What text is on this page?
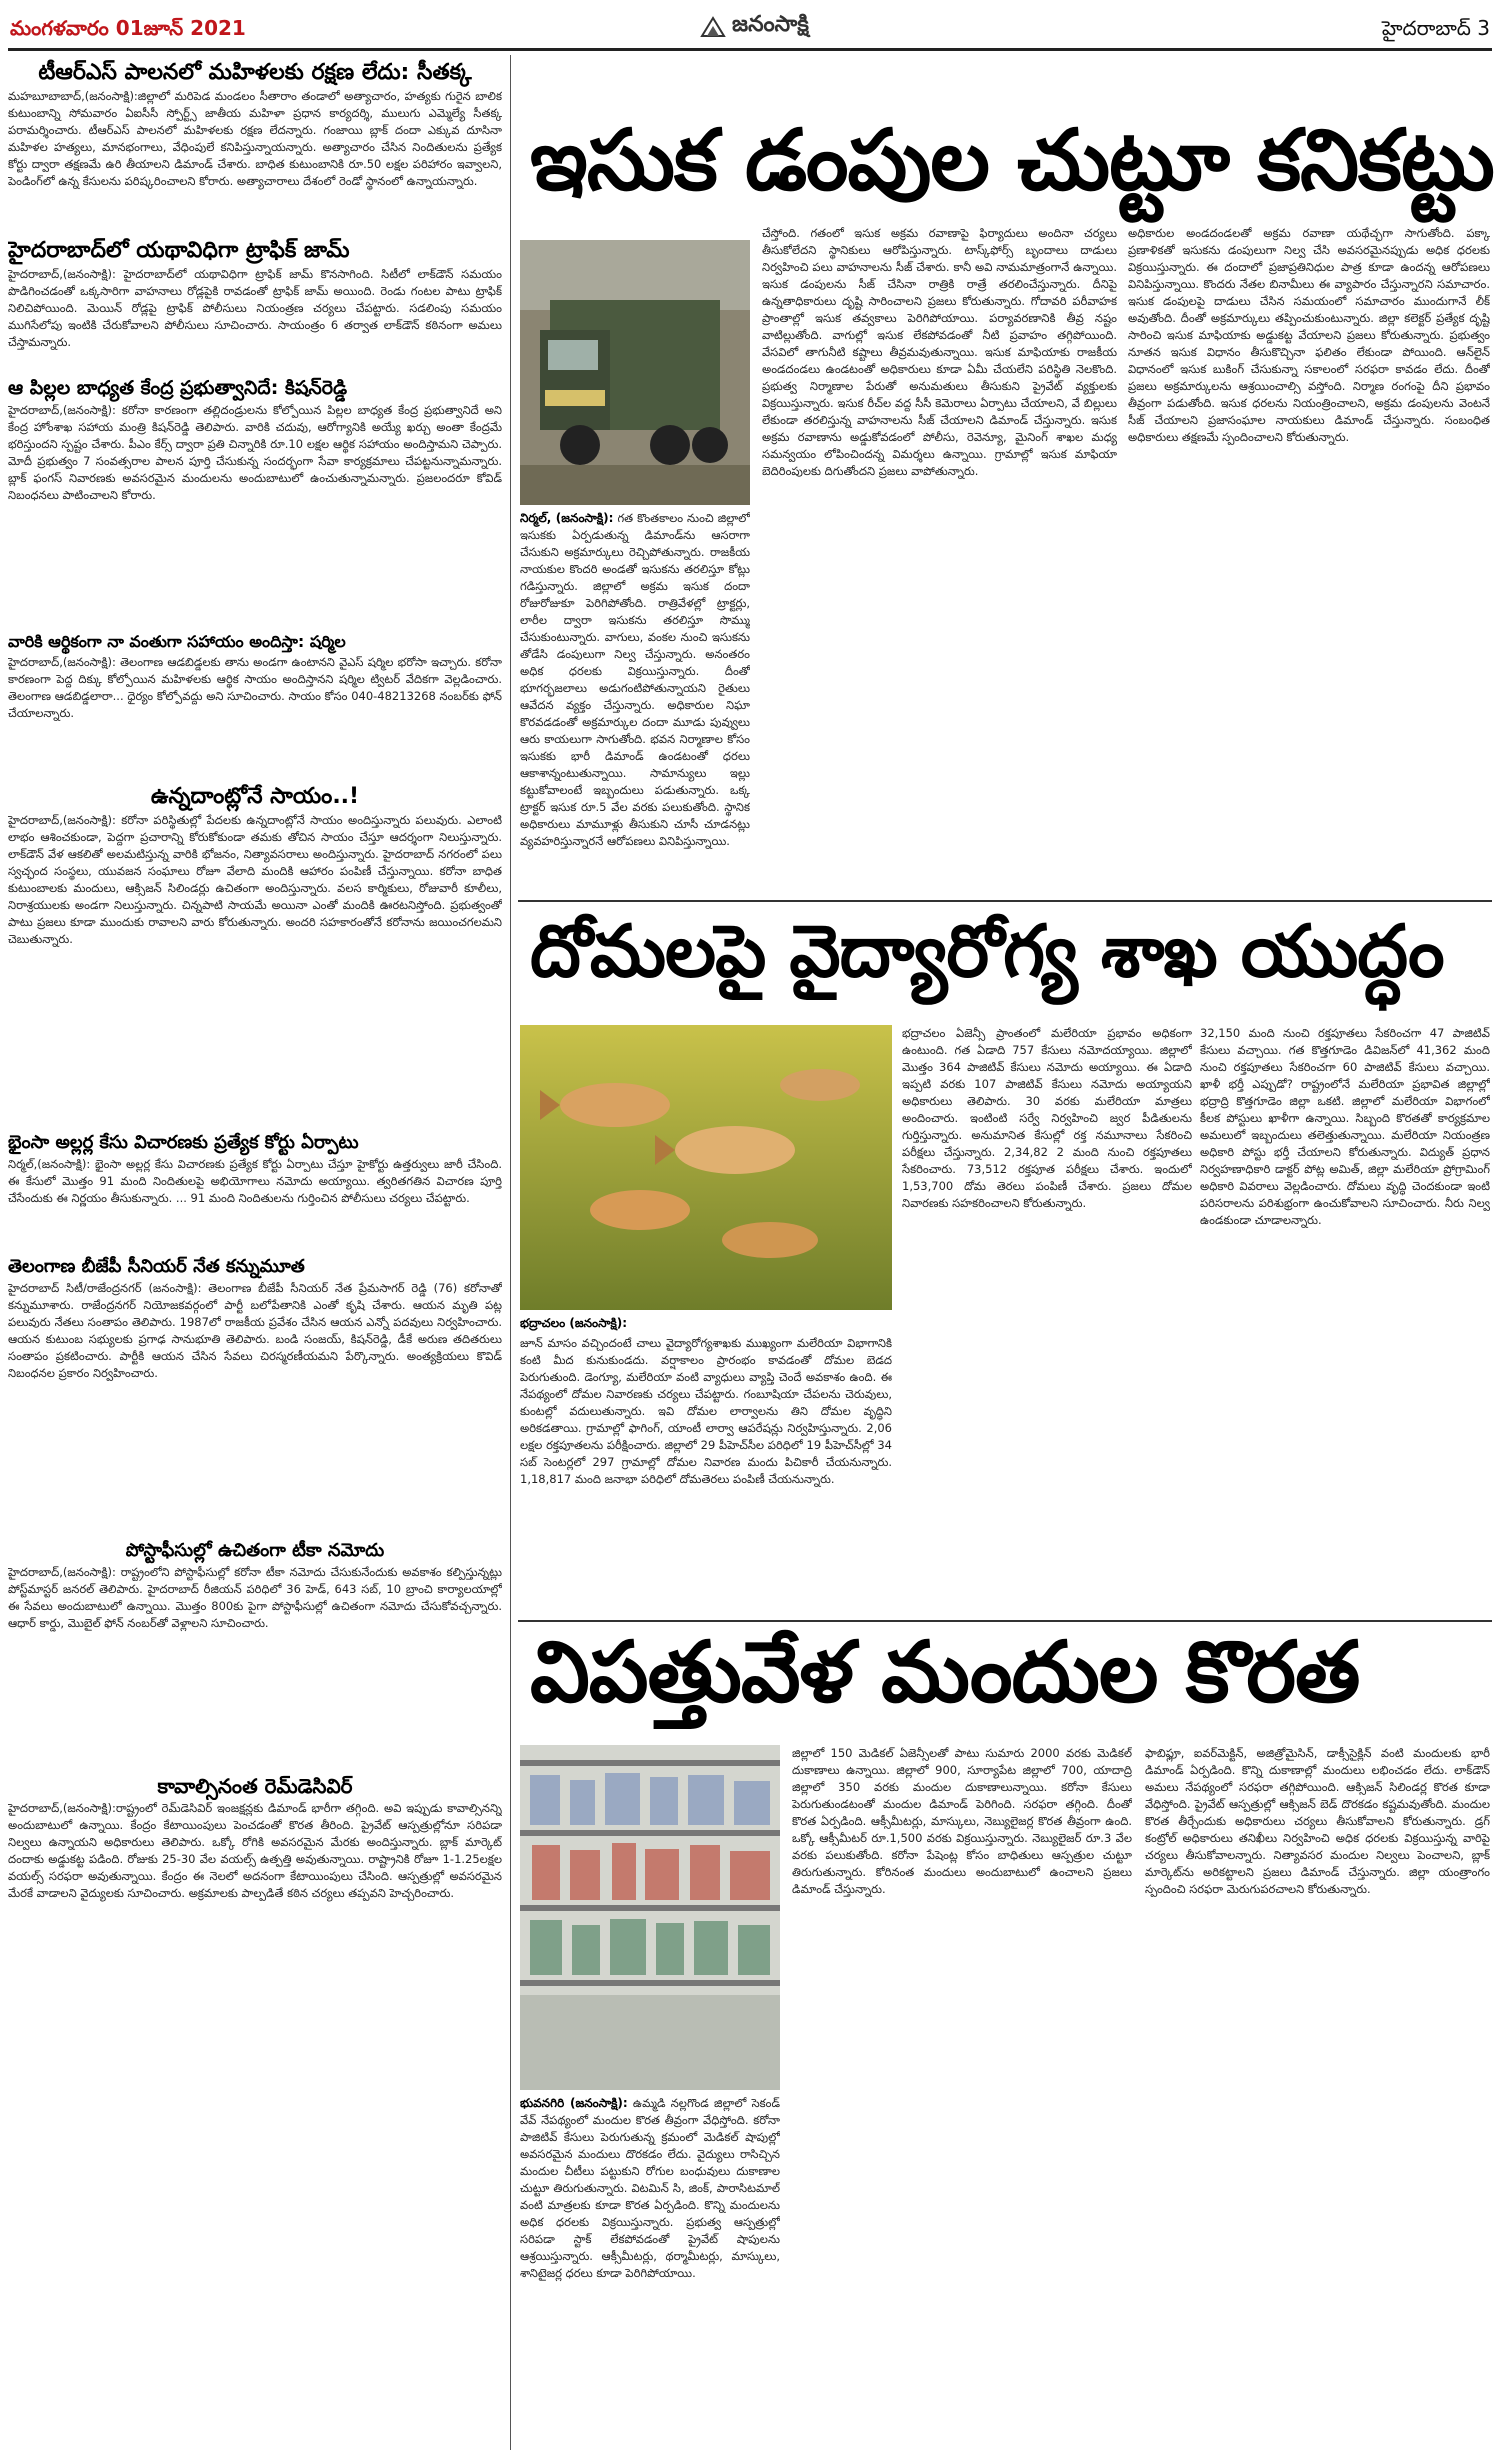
మంగళవారం 01జూన్‌ 2021	జనంసాక్షి	హైదరాబాద్‌ 3
టీఆర్‌ఎస్‌ పాలనలో మహిళలకు రక్షణ లేదు: సీతక్క
మహబూబాబాద్‌,(జనంసాక్షి):జిల్లాలో మరిపెడ మండలం సీతారాం తండాలో అత్యాచారం, హత్యకు గురైన బాలిక కుటుంబాన్ని సోమవారం ఏఐసీసీ స్పోర్ట్స్‌ జాతీయ మహిళా ప్రధాన కార్యదర్శి, ములుగు ఎమ్మెల్యే సీతక్క పరామర్శించారు. టీఆర్‌ఎస్‌ పాలనలో మహిళలకు రక్షణ లేదన్నారు. గంజాయి బ్లాక్‌ దందా ఎక్కువ దూసినా మహిళల హత్యలు, మానభంగాలు, వేధింపులే కనిపిస్తున్నాయన్నారు. అత్యాచారం చేసిన నిందితులను ప్రత్యేక కోర్టు ద్వారా తక్షణమే ఉరి తీయాలని డిమాండ్‌ చేశారు. బాధిత కుటుంబానికి రూ.50 లక్షల పరిహారం ఇవ్వాలని, పెండింగ్‌లో ఉన్న కేసులను పరిష్కరించాలని కోరారు. అత్యాచారాలు దేశంలో రెండో స్థానంలో ఉన్నాయన్నారు.
హైదరాబాద్‌లో యథావిధిగా ట్రాఫిక్‌ జామ్‌
హైదరాబాద్‌,(జనంసాక్షి): హైదరాబాద్‌లో యథావిధిగా ట్రాఫిక్‌ జామ్‌ కొనసాగింది. సిటీలో లాక్‌డౌన్‌ సమయం పొడిగించడంతో ఒక్కసారిగా వాహనాలు రోడ్లపైకి రావడంతో ట్రాఫిక్‌ జామ్‌ అయింది. రెండు గంటల పాటు ట్రాఫిక్‌ నిలిచిపోయింది. మెయిన్‌ రోడ్లపై ట్రాఫిక్‌ పోలీసులు నియంత్రణ చర్యలు చేపట్టారు. సడలింపు సమయం ముగిసేలోపు ఇంటికి చేరుకోవాలని పోలీసులు సూచించారు. సాయంత్రం 6 తర్వాత లాక్‌డౌన్‌ కఠినంగా అమలు చేస్తామన్నారు.
ఆ పిల్లల బాధ్యత కేంద్ర ప్రభుత్వానిదే: కిషన్‌రెడ్డి
హైదరాబాద్‌,(జనంసాక్షి): కరోనా కారణంగా తల్లిదండ్రులను కోల్పోయిన పిల్లల బాధ్యత కేంద్ర ప్రభుత్వానిదే అని కేంద్ర హోంశాఖ సహాయ మంత్రి కిషన్‌రెడ్డి తెలిపారు. వారికి చదువు, ఆరోగ్యానికి అయ్యే ఖర్చు అంతా కేంద్రమే భరిస్తుందని స్పష్టం చేశారు. పీఎం కేర్స్‌ ద్వారా ప్రతి చిన్నారికి రూ.10 లక్షల ఆర్థిక సహాయం అందిస్తామని చెప్పారు. మోదీ ప్రభుత్వం 7 సంవత్సరాల పాలన పూర్తి చేసుకున్న సందర్భంగా సేవా కార్యక్రమాలు చేపట్టనున్నామన్నారు. బ్లాక్‌ ఫంగస్‌ నివారణకు అవసరమైన మందులను అందుబాటులో ఉంచుతున్నామన్నారు. ప్రజలందరూ కోవిడ్‌ నిబంధనలు పాటించాలని కోరారు.
వారికి ఆర్థికంగా నా వంతుగా సహాయం అందిస్తా: షర్మిల
హైదరాబాద్‌,(జనంసాక్షి): తెలంగాణ ఆడబిడ్డలకు తాను అండగా ఉంటానని వైఎస్‌ షర్మిల భరోసా ఇచ్చారు. కరోనా కారణంగా పెద్ద దిక్కు కోల్పోయిన మహిళలకు ఆర్థిక సాయం అందిస్తానని షర్మిల ట్విటర్‌ వేదికగా వెల్లడించారు. తెలంగాణ ఆడబిడ్డలారా... ధైర్యం కోల్పోవద్దు అని సూచించారు. సాయం కోసం 040-48213268 నంబర్‌కు ఫోన్‌ చేయాలన్నారు.
ఉన్నదాంట్లోనే సాయం..!
హైదరాబాద్‌,(జనంసాక్షి): కరోనా పరిస్థితుల్లో పేదలకు ఉన్నదాంట్లోనే సాయం అందిస్తున్నారు పలువురు. ఎలాంటి లాభం ఆశించకుండా, పెద్దగా ప్రచారాన్ని కోరుకోకుండా తమకు తోచిన సాయం చేస్తూ ఆదర్శంగా నిలుస్తున్నారు. లాక్‌డౌన్‌ వేళ ఆకలితో అలమటిస్తున్న వారికి భోజనం, నిత్యావసరాలు అందిస్తున్నారు. హైదరాబాద్‌ నగరంలో పలు స్వచ్ఛంద సంస్థలు, యువజన సంఘాలు రోజూ వేలాది మందికి ఆహారం పంపిణీ చేస్తున్నాయి. కరోనా బాధిత కుటుంబాలకు మందులు, ఆక్సిజన్‌ సిలిండర్లు ఉచితంగా అందిస్తున్నారు. వలస కార్మికులు, రోజువారీ కూలీలు, నిరాశ్రయులకు అండగా నిలుస్తున్నారు. చిన్నపాటి సాయమే అయినా ఎంతో మందికి ఊరటనిస్తోంది. ప్రభుత్వంతో పాటు ప్రజలు కూడా ముందుకు రావాలని వారు కోరుతున్నారు. అందరి సహకారంతోనే కరోనాను జయించగలమని చెబుతున్నారు.
భైంసా అల్లర్ల కేసు విచారణకు ప్రత్యేక కోర్టు ఏర్పాటు
నిర్మల్‌,(జనంసాక్షి): భైంసా అల్లర్ల కేసు విచారణకు ప్రత్యేక కోర్టు ఏర్పాటు చేస్తూ హైకోర్టు ఉత్తర్వులు జారీ చేసింది. ఈ కేసులో మొత్తం 91 మంది నిందితులపై అభియోగాలు నమోదు అయ్యాయి. త్వరితగతిన విచారణ పూర్తి చేసేందుకు ఈ నిర్ణయం తీసుకున్నారు. ... 91 మంది నిందితులను గుర్తించిన పోలీసులు చర్యలు చేపట్టారు.
తెలంగాణ బీజేపీ సీనియర్‌ నేత కన్నుమూత
హైదరాబాద్‌ సిటీ/రాజేంద్రనగర్‌ (జనంసాక్షి): తెలంగాణ బీజేపీ సీనియర్‌ నేత ప్రేమసాగర్‌ రెడ్డి (76) కరోనాతో కన్నుమూశారు. రాజేంద్రనగర్‌ నియోజకవర్గంలో పార్టీ బలోపేతానికి ఎంతో కృషి చేశారు. ఆయన మృతి పట్ల పలువురు నేతలు సంతాపం తెలిపారు. 1987లో రాజకీయ ప్రవేశం చేసిన ఆయన ఎన్నో పదవులు నిర్వహించారు. ఆయన కుటుంబ సభ్యులకు ప్రగాఢ సానుభూతి తెలిపారు. బండి సంజయ్‌, కిషన్‌రెడ్డి, డీకే అరుణ తదితరులు సంతాపం ప్రకటించారు. పార్టీకి ఆయన చేసిన సేవలు చిరస్మరణీయమని పేర్కొన్నారు. అంత్యక్రియలు కొవిడ్‌ నిబంధనల ప్రకారం నిర్వహించారు.
పోస్టాఫీసుల్లో ఉచితంగా టీకా నమోదు
హైదరాబాద్‌,(జనంసాక్షి): రాష్ట్రంలోని పోస్టాఫీసుల్లో కరోనా టీకా నమోదు చేసుకునేందుకు అవకాశం కల్పిస్తున్నట్లు పోస్ట్‌మాస్టర్‌ జనరల్‌ తెలిపారు. హైదరాబాద్‌ రీజియన్‌ పరిధిలో 36 హెడ్‌, 643 సబ్‌, 10 బ్రాంచి కార్యాలయాల్లో ఈ సేవలు అందుబాటులో ఉన్నాయి. మొత్తం 800కు పైగా పోస్టాఫీసుల్లో ఉచితంగా నమోదు చేసుకోవచ్చన్నారు. ఆధార్‌ కార్డు, మొబైల్‌ ఫోన్‌ నంబర్‌తో వెళ్లాలని సూచించారు.
కావాల్సినంత రెమ్‌డెసివిర్‌
హైదరాబాద్‌,(జనంసాక్షి):రాష్ట్రంలో రెమ్‌డెసివిర్‌ ఇంజక్షన్లకు డిమాండ్‌ భారీగా తగ్గింది. అవి ఇప్పుడు కావాల్సినన్ని అందుబాటులో ఉన్నాయి. కేంద్రం కేటాయింపులు పెంచడంతో కొరత తీరింది. ప్రైవేట్‌ ఆస్పత్రుల్లోనూ సరిపడా నిల్వలు ఉన్నాయని అధికారులు తెలిపారు. ఒక్కో రోగికి అవసరమైన మేరకు అందిస్తున్నారు. బ్లాక్‌ మార్కెట్‌ దందాకు అడ్డుకట్ట పడింది. రోజుకు 25-30 వేల వయల్స్‌ ఉత్పత్తి అవుతున్నాయి. రాష్ట్రానికి రోజూ 1-1.25లక్షల వయల్స్‌ సరఫరా అవుతున్నాయి. కేంద్రం ఈ నెలలో అదనంగా కేటాయింపులు చేసింది. ఆస్పత్రుల్లో అవసరమైన మేరకే వాడాలని వైద్యులకు సూచించారు. అక్రమాలకు పాల్పడితే కఠిన చర్యలు తప్పవని హెచ్చరించారు.
ఇసుక డంపుల చుట్టూ కనికట్టు
నిర్మల్‌, (జనంసాక్షి): గత కొంతకాలం నుంచి జిల్లాలో ఇసుకకు ఏర్పడుతున్న డిమాండ్‌ను ఆసరాగా చేసుకుని అక్రమార్కులు రెచ్చిపోతున్నారు. రాజకీయ నాయకుల కొందరి అండతో ఇసుకను తరలిస్తూ కోట్లు గడిస్తున్నారు. జిల్లాలో అక్రమ ఇసుక దందా రోజురోజుకూ పెరిగిపోతోంది. రాత్రివేళల్లో ట్రాక్టర్లు, లారీల ద్వారా ఇసుకను తరలిస్తూ సొమ్ము చేసుకుంటున్నారు. వాగులు, వంకల నుంచి ఇసుకను తోడేసి డంపులుగా నిల్వ చేస్తున్నారు. అనంతరం అధిక ధరలకు విక్రయిస్తున్నారు. దీంతో భూగర్భజలాలు అడుగంటిపోతున్నాయని రైతులు ఆవేదన వ్యక్తం చేస్తున్నారు. అధికారుల నిఘా కొరవడడంతో అక్రమార్కుల దందా మూడు పువ్వులు ఆరు కాయలుగా సాగుతోంది. భవన నిర్మాణాల కోసం ఇసుకకు భారీ డిమాండ్‌ ఉండటంతో ధరలు ఆకాశాన్నంటుతున్నాయి. సామాన్యులు ఇల్లు కట్టుకోవాలంటే ఇబ్బందులు పడుతున్నారు. ఒక్క ట్రాక్టర్‌ ఇసుక రూ.5 వేల వరకు పలుకుతోంది. స్థానిక అధికారులు మామూళ్లు తీసుకుని చూసీ చూడనట్లు వ్యవహరిస్తున్నారనే ఆరోపణలు వినిపిస్తున్నాయి.
చేస్తోంది. గతంలో ఇసుక అక్రమ రవాణాపై ఫిర్యాదులు అందినా చర్యలు తీసుకోలేదని స్థానికులు ఆరోపిస్తున్నారు. టాస్క్‌ఫోర్స్‌ బృందాలు దాడులు నిర్వహించి పలు వాహనాలను సీజ్‌ చేశారు. కానీ అవి నామమాత్రంగానే ఉన్నాయి. ఇసుక డంపులను సీజ్‌ చేసినా రాత్రికి రాత్రే తరలించేస్తున్నారు. దీనిపై ఉన్నతాధికారులు దృష్టి సారించాలని ప్రజలు కోరుతున్నారు. గోదావరి పరీవాహక ప్రాంతాల్లో ఇసుక తవ్వకాలు పెరిగిపోయాయి. పర్యావరణానికి తీవ్ర నష్టం వాటిల్లుతోంది. వాగుల్లో ఇసుక లేకపోవడంతో నీటి ప్రవాహం తగ్గిపోయింది. వేసవిలో తాగునీటి కష్టాలు తీవ్రమవుతున్నాయి. ఇసుక మాఫియాకు రాజకీయ అండదండలు ఉండటంతో అధికారులు కూడా ఏమీ చేయలేని పరిస్థితి నెలకొంది. ప్రభుత్వ నిర్మాణాల పేరుతో అనుమతులు తీసుకుని ప్రైవేట్‌ వ్యక్తులకు విక్రయిస్తున్నారు. ఇసుక రీచ్‌ల వద్ద సీసీ కెమెరాలు ఏర్పాటు చేయాలని, వే బిల్లులు లేకుండా తరలిస్తున్న వాహనాలను సీజ్‌ చేయాలని డిమాండ్‌ చేస్తున్నారు. ఇసుక అక్రమ రవాణాను అడ్డుకోవడంలో పోలీసు, రెవెన్యూ, మైనింగ్‌ శాఖల మధ్య సమన్వయం లోపించిందన్న విమర్శలు ఉన్నాయి. గ్రామాల్లో ఇసుక మాఫియా బెదిరింపులకు దిగుతోందని ప్రజలు వాపోతున్నారు.
అధికారుల అండదండలతో అక్రమ రవాణా యథేచ్ఛగా సాగుతోంది. పక్కా ప్రణాళికతో ఇసుకను డంపులుగా నిల్వ చేసి అవసరమైనప్పుడు అధిక ధరలకు విక్రయిస్తున్నారు. ఈ దందాలో ప్రజాప్రతినిధుల పాత్ర కూడా ఉందన్న ఆరోపణలు వినిపిస్తున్నాయి. కొందరు నేతల బినామీలు ఈ వ్యాపారం చేస్తున్నారని సమాచారం. ఇసుక డంపులపై దాడులు చేసిన సమయంలో సమాచారం ముందుగానే లీక్‌ అవుతోంది. దీంతో అక్రమార్కులు తప్పించుకుంటున్నారు. జిల్లా కలెక్టర్‌ ప్రత్యేక దృష్టి సారించి ఇసుక మాఫియాకు అడ్డుకట్ట వేయాలని ప్రజలు కోరుతున్నారు. ప్రభుత్వం నూతన ఇసుక విధానం తీసుకొచ్చినా ఫలితం లేకుండా పోయింది. ఆన్‌లైన్‌ విధానంలో ఇసుక బుకింగ్‌ చేసుకున్నా సకాలంలో సరఫరా కావడం లేదు. దీంతో ప్రజలు అక్రమార్కులను ఆశ్రయించాల్సి వస్తోంది. నిర్మాణ రంగంపై దీని ప్రభావం తీవ్రంగా పడుతోంది. ఇసుక ధరలను నియంత్రించాలని, అక్రమ డంపులను వెంటనే సీజ్‌ చేయాలని ప్రజాసంఘాల నాయకులు డిమాండ్‌ చేస్తున్నారు. సంబంధిత అధికారులు తక్షణమే స్పందించాలని కోరుతున్నారు.
దోమలపై వైద్యారోగ్య శాఖ యుద్ధం
భద్రాచలం (జనంసాక్షి):
జూన్‌ మాసం వచ్చిందంటే చాలు వైద్యారోగ్యశాఖకు ముఖ్యంగా మలేరియా విభాగానికి కంటి మీద కునుకుండదు. వర్షాకాలం ప్రారంభం కావడంతో దోమల బెడద పెరుగుతుంది. డెంగ్యూ, మలేరియా వంటి వ్యాధులు వ్యాప్తి చెందే అవకాశం ఉంది. ఈ నేపథ్యంలో దోమల నివారణకు చర్యలు చేపట్టారు. గంబూషియా చేపలను చెరువులు, కుంటల్లో వదులుతున్నారు. ఇవి దోమల లార్వాలను తిని దోమల వృద్ధిని అరికడతాయి. గ్రామాల్లో ఫాగింగ్‌, యాంటీ లార్వా ఆపరేషన్లు నిర్వహిస్తున్నారు. 2,06 లక్షల రక్తపూతలను పరీక్షించారు. జిల్లాలో 29 పీహెచ్‌సీల పరిధిలో 19 పీహెచ్‌సీల్లో 34 సబ్‌ సెంటర్లలో 297 గ్రామాల్లో దోమల నివారణ మందు పిచికారీ చేయనున్నారు. 1,18,817 మంది జనాభా పరిధిలో దోమతెరలు పంపిణీ చేయనున్నారు.
భద్రాచలం ఏజెన్సీ ప్రాంతంలో మలేరియా ప్రభావం అధికంగా ఉంటుంది. గత ఏడాది 757 కేసులు నమోదయ్యాయి. జిల్లాలో మొత్తం 364 పాజిటివ్‌ కేసులు నమోదు అయ్యాయి. ఈ ఏడాది ఇప్పటి వరకు 107 పాజిటివ్‌ కేసులు నమోదు అయ్యాయని అధికారులు తెలిపారు. 30 వరకు మలేరియా మాత్రలు అందించారు. ఇంటింటి సర్వే నిర్వహించి జ్వర పీడితులను గుర్తిస్తున్నారు. అనుమానిత కేసుల్లో రక్త నమూనాలు సేకరించి పరీక్షలు చేస్తున్నారు. 2,34,82 2 మంది నుంచి రక్తపూతలు సేకరించారు. 73,512 రక్తపూత పరీక్షలు చేశారు. ఇందులో 1,53,700 దోమ తెరలు పంపిణీ చేశారు. ప్రజలు దోమల నివారణకు సహకరించాలని కోరుతున్నారు.
32,150 మంది నుంచి రక్తపూతలు సేకరించగా 47 పాజిటివ్‌ కేసులు వచ్చాయి. గత కొత్తగూడెం డివిజన్‌లో 41,362 మంది నుంచి రక్తపూతలు సేకరించగా 60 పాజిటివ్‌ కేసులు వచ్చాయి. ఖాళీ భర్తీ ఎప్పుడో? రాష్ట్రంలోనే మలేరియా ప్రభావిత జిల్లాల్లో భద్రాద్రి కొత్తగూడెం జిల్లా ఒకటి. జిల్లాలో మలేరియా విభాగంలో కీలక పోస్టులు ఖాళీగా ఉన్నాయి. సిబ్బంది కొరతతో కార్యక్రమాల అమలులో ఇబ్బందులు తలెత్తుతున్నాయి. మలేరియా నియంత్రణ అధికారి పోస్టు భర్తీ చేయాలని కోరుతున్నారు. విద్యుత్‌ ప్రధాన నిర్వహణాధికారి డాక్టర్‌ పోట్ల అమిత్‌, జిల్లా మలేరియా ప్రోగ్రామింగ్‌ అధికారి వివరాలు వెల్లడించారు. దోమలు వృద్ధి చెందకుండా ఇంటి పరిసరాలను పరిశుభ్రంగా ఉంచుకోవాలని సూచించారు. నీరు నిల్వ ఉండకుండా చూడాలన్నారు.
విపత్తువేళ మందుల కొరత
భువనగిరి (జనంసాక్షి): ఉమ్మడి నల్లగొండ జిల్లాలో సెకండ్‌ వేవ్‌ నేపథ్యంలో మందుల కొరత తీవ్రంగా వేధిస్తోంది. కరోనా పాజిటివ్‌ కేసులు పెరుగుతున్న క్రమంలో మెడికల్‌ షాపుల్లో అవసరమైన మందులు దొరకడం లేదు. వైద్యులు రాసిచ్చిన మందుల చీటీలు పట్టుకుని రోగుల బంధువులు దుకాణాల చుట్టూ తిరుగుతున్నారు. విటమిన్‌ సి, జింక్‌, పారాసిటమాల్‌ వంటి మాత్రలకు కూడా కొరత ఏర్పడింది. కొన్ని మందులను అధిక ధరలకు విక్రయిస్తున్నారు. ప్రభుత్వ ఆస్పత్రుల్లో సరిపడా స్టాక్‌ లేకపోవడంతో ప్రైవేట్‌ షాపులను ఆశ్రయిస్తున్నారు. ఆక్సీమీటర్లు, థర్మామీటర్లు, మాస్కులు, శానిటైజర్ల ధరలు కూడా పెరిగిపోయాయి.
జిల్లాలో 150 మెడికల్‌ ఏజెన్సీలతో పాటు సుమారు 2000 వరకు మెడికల్‌ దుకాణాలు ఉన్నాయి. జిల్లాలో 900, సూర్యాపేట జిల్లాలో 700, యాదాద్రి జిల్లాలో 350 వరకు మందుల దుకాణాలున్నాయి. కరోనా కేసులు పెరుగుతుండటంతో మందుల డిమాండ్‌ పెరిగింది. సరఫరా తగ్గింది. దీంతో కొరత ఏర్పడింది. ఆక్సీమీటర్లు, మాస్కులు, నెబ్యులైజర్ల కొరత తీవ్రంగా ఉంది. ఒక్కో ఆక్సీమీటర్‌ రూ.1,500 వరకు విక్రయిస్తున్నారు. నెబ్యులైజర్‌ రూ.3 వేల వరకు పలుకుతోంది. కరోనా పేషెంట్ల కోసం బాధితులు ఆస్పత్రుల చుట్టూ తిరుగుతున్నారు. కోరినంత మందులు అందుబాటులో ఉంచాలని ప్రజలు డిమాండ్‌ చేస్తున్నారు.
ఫాబిఫ్లూ, ఐవర్‌మెక్టిన్‌, అజిత్రోమైసిన్‌, డాక్సీసైక్లిన్‌ వంటి మందులకు భారీ డిమాండ్‌ ఏర్పడింది. కొన్ని దుకాణాల్లో మందులు లభించడం లేదు. లాక్‌డౌన్‌ అమలు నేపథ్యంలో సరఫరా తగ్గిపోయింది. ఆక్సిజన్‌ సిలిండర్ల కొరత కూడా వేధిస్తోంది. ప్రైవేట్‌ ఆస్పత్రుల్లో ఆక్సిజన్‌ బెడ్‌ దొరకడం కష్టమవుతోంది. మందుల కొరత తీర్చేందుకు అధికారులు చర్యలు తీసుకోవాలని కోరుతున్నారు. డ్రగ్‌ కంట్రోల్‌ అధికారులు తనిఖీలు నిర్వహించి అధిక ధరలకు విక్రయిస్తున్న వారిపై చర్యలు తీసుకోవాలన్నారు. నిత్యావసర మందుల నిల్వలు పెంచాలని, బ్లాక్‌ మార్కెట్‌ను అరికట్టాలని ప్రజలు డిమాండ్‌ చేస్తున్నారు. జిల్లా యంత్రాంగం స్పందించి సరఫరా మెరుగుపరచాలని కోరుతున్నారు.
